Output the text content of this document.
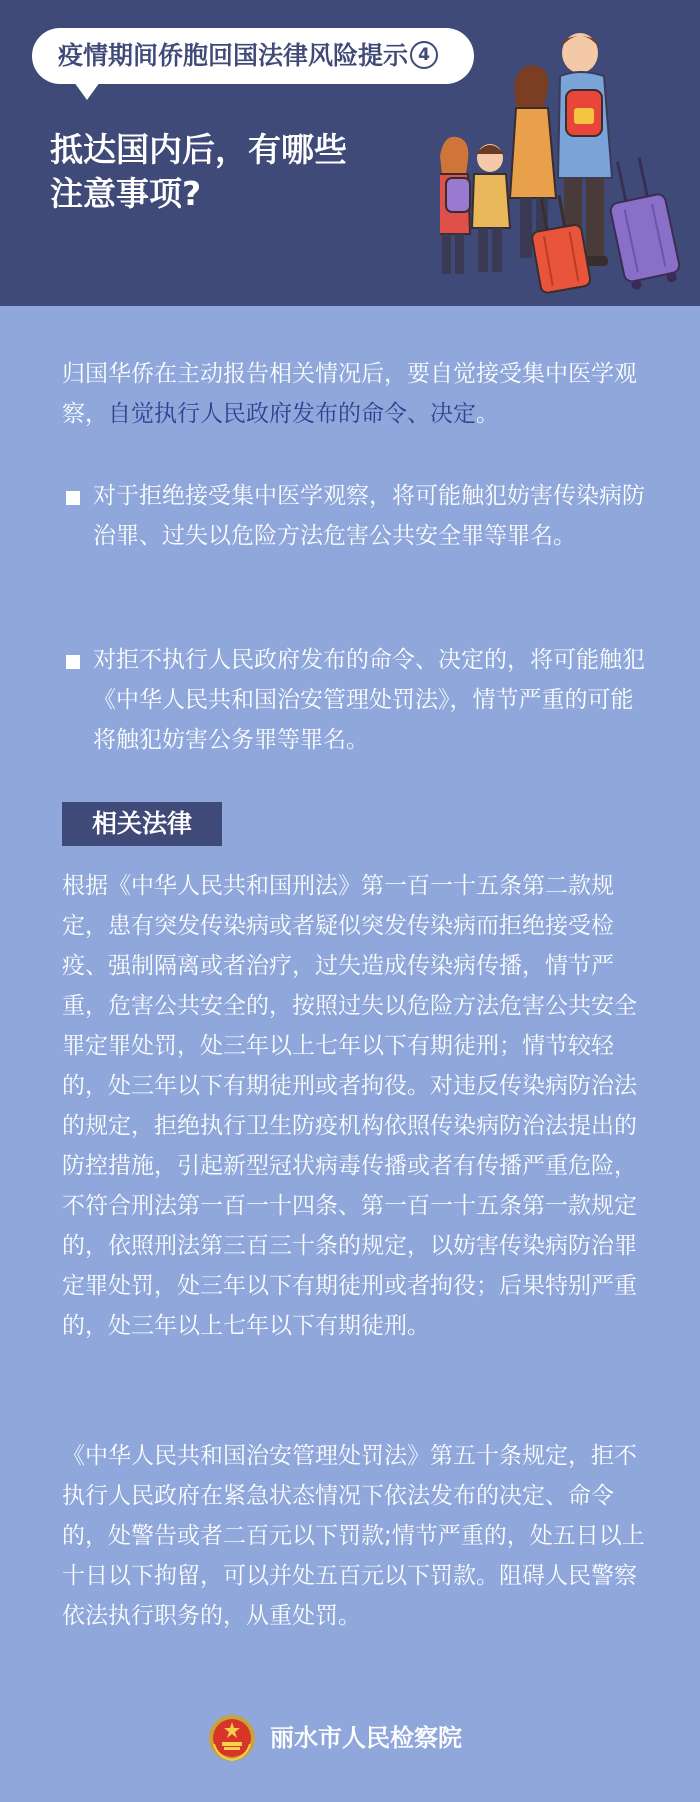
疫情期间侨胞回国法律风险提示 4
抵达国内后，有哪些
注意事项?
归国华侨在主动报告相关情况后，要自觉接受集中医学观察，自觉执行人民政府发布的命令、决定。
对于拒绝接受集中医学观察，将可能触犯妨害传染病防治罪、过失以危险方法危害公共安全罪等罪名。
对拒不执行人民政府发布的命令、决定的，将可能触犯《中华人民共和国治安管理处罚法》，情节严重的可能将触犯妨害公务罪等罪名。
相关法律
根据《中华人民共和国刑法》第一百一十五条第二款规定，患有突发传染病或者疑似突发传染病而拒绝接受检疫、强制隔离或者治疗，过失造成传染病传播，情节严重，危害公共安全的，按照过失以危险方法危害公共安全罪定罪处罚，处三年以上七年以下有期徒刑；情节较轻的，处三年以下有期徒刑或者拘役。对违反传染病防治法的规定，拒绝执行卫生防疫机构依照传染病防治法提出的防控措施，引起新型冠状病毒传播或者有传播严重危险，不符合刑法第一百一十四条、第一百一十五条第一款规定的，依照刑法第三百三十条的规定，以妨害传染病防治罪定罪处罚，处三年以下有期徒刑或者拘役；后果特别严重的，处三年以上七年以下有期徒刑。
《中华人民共和国治安管理处罚法》第五十条规定，拒不执行人民政府在紧急状态情况下依法发布的决定、命令的，处警告或者二百元以下罚款;情节严重的，处五日以上十日以下拘留，可以并处五百元以下罚款。阻碍人民警察依法执行职务的，从重处罚。
丽水市人民检察院
